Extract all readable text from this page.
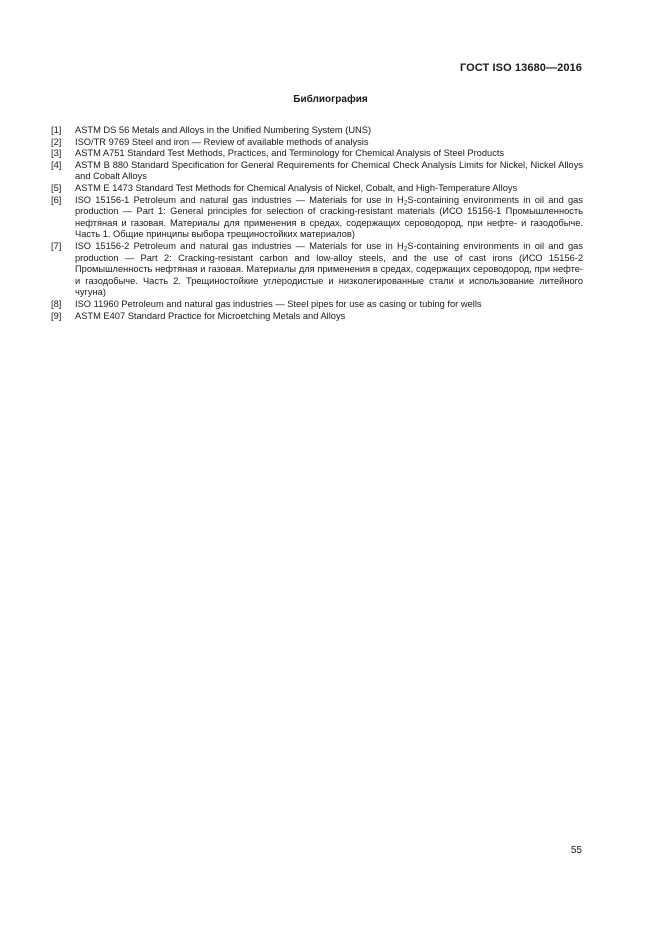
ГОСТ ISO 13680—2016
Библиография
[1]	ASTM DS 56 Metals and Alloys in the Unified Numbering System (UNS)
[2]	ISO/TR 9769 Steel and iron — Review of available methods of analysis
[3]	ASTM A751 Standard Test Methods, Practices, and Terminology for Chemical Analysis of Steel Products
[4]	ASTM B 880 Standard Specification for General Requirements for Chemical Check Analysis Limits for Nickel, Nickel Alloys and Cobalt Alloys
[5]	ASTM E 1473 Standard Test Methods for Chemical Analysis of Nickel, Cobalt, and High-Temperature Alloys
[6]	ISO 15156-1 Petroleum and natural gas industries — Materials for use in $H_2S$-containing environments in oil and gas production — Part 1: General principles for selection of cracking-resistant materials (ИСО 15156-1 Промышленность нефтяная и газовая. Материалы для применения в средах, содержащих сероводород, при нефте- и газодобыче. Часть 1. Общие принципы выбора трещиностойких материалов)
[7]	ISO 15156-2 Petroleum and natural gas industries — Materials for use in $H_2S$-containing environments in oil and gas production — Part 2: Cracking-resistant carbon and low-alloy steels, and the use of cast irons (ИСО 15156-2 Промышленность нефтяная и газовая. Материалы для применения в средах, содержащих сероводород, при нефте- и газодобыче. Часть 2. Трещиностойкие углеродистые и низколегированные стали и использование литейного чугуна)
[8]	ISO 11960 Petroleum and natural gas industries — Steel pipes for use as casing or tubing for wells
[9]	ASTM E407 Standard Practice for Microetching Metals and Alloys
55
